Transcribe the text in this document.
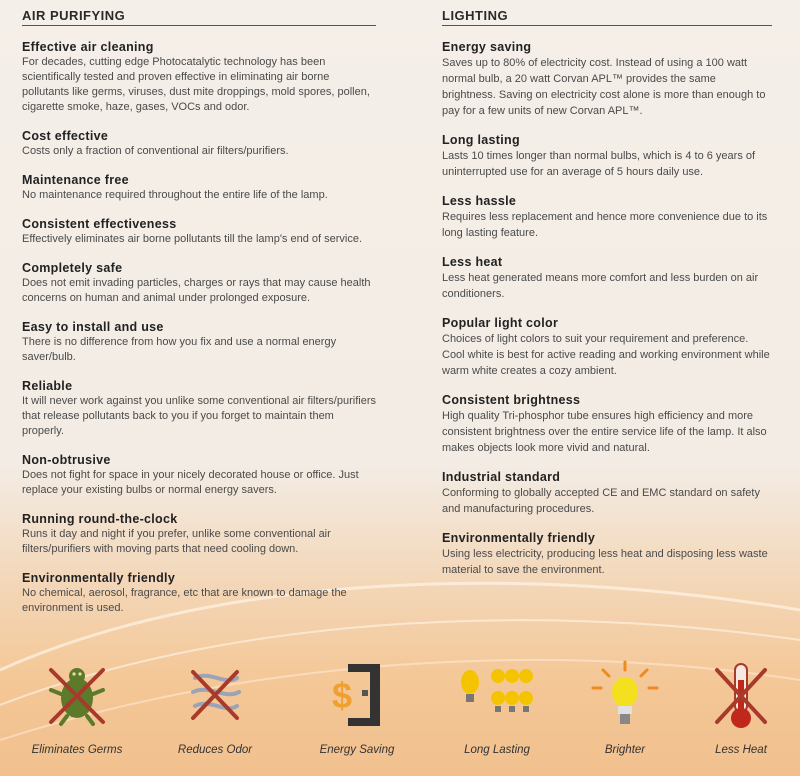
AIR PURIFYING
Effective air cleaning

For decades, cutting edge Photocatalytic technology has been scientifically tested and proven effective in eliminating air borne pollutants like germs, viruses, dust mite droppings, mold spores, pollen, cigarette smoke, haze, gases, VOCs and odor.

Cost effective

Costs only a fraction of conventional air filters/purifiers.

Maintenance free

No maintenance required throughout the entire life of the lamp.

Consistent effectiveness

Effectively eliminates air borne pollutants till the lamp's end of service.

Completely safe

Does not emit invading particles, charges or rays that may cause health concerns on human and animal under prolonged exposure.

Easy to install and use

There is no difference from how you fix and use a normal energy saver/bulb.

Reliable

It will never work against you unlike some conventional air filters/purifiers that release pollutants back to you if you forget to maintain them properly.

Non-obtrusive

Does not fight for space in your nicely decorated house or office. Just replace your existing bulbs or normal energy savers.

Running round-the-clock

Runs it day and night if you prefer, unlike some conventional air filters/purifiers with moving parts that need cooling down.

Environmentally friendly

No chemical, aerosol, fragrance, etc that are known to damage the environment is used.

LIGHTING
Energy saving

Saves up to 80% of electricity cost. Instead of using a 100 watt normal bulb, a 20 watt Corvan APL™ provides the same brightness. Saving on electricity cost alone is more than enough to pay for a few units of new Corvan APL™.

Long lasting

Lasts 10 times longer than normal bulbs, which is 4 to 6 years of uninterrupted use for an average of 5 hours daily use.

Less hassle

Requires less replacement and hence more convenience due to its long lasting feature.

Less heat

Less heat generated means more comfort and less burden on air conditioners.

Popular light color

Choices of light colors to suit your requirement and preference. Cool white is best for active reading and working environment while warm white creates a cozy ambient.

Consistent brightness

High quality Tri-phosphor tube ensures high efficiency and more consistent brightness over the entire service life of the lamp. It also makes objects look more vivid and natural.

Industrial standard

Conforming to globally accepted CE and EMC standard on safety and manufacturing procedures.

Environmentally friendly

Using less electricity, producing less heat and disposing less waste material to save the environment.

Eliminates Germs	Reduces Odor
$
Energy Saving	Long Lasting	Brighter	Less Heat
